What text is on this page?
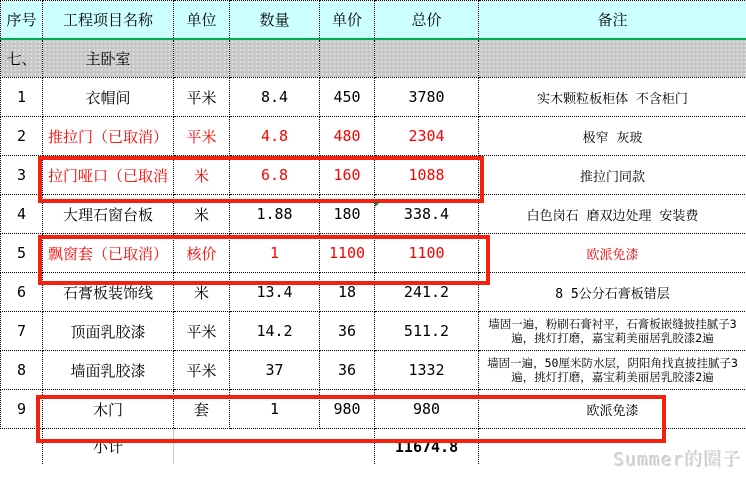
序号	工程项目名称	单位	数量	单价	总价	备注
七、	主卧室					
1	衣帽间	平米	8.4	450	3780	实木颗粒板柜体 不含柜门
2	推拉门（已取消）	平米	4.8	480	2304	极窄 灰玻
3	拉门哑口（已取消	米	6.8	160	1088	推拉门同款
4	大理石窗台板	米	1.88	180	338.4	白色岗石 磨双边处理 安装费
5	飘窗套（已取消）	核价	1	1100	1100	欧派免漆
6	石膏板装饰线	米	13.4	18	241.2	8 5公分石膏板错层
7	顶面乳胶漆	平米	14.2	36	511.2	墙固一遍，粉刷石膏衬平，石膏板嵌缝披挂腻子3遍，挑灯打磨，嘉宝莉美丽居乳胶漆2遍
8	墙面乳胶漆	平米	37	36	1332	墙固一遍，50厘米防水层，阴阳角找直披挂腻子3遍，挑灯打磨，嘉宝莉美丽居乳胶漆2遍
9	木门	套	1	980	980	欧派免漆
	小计				11674.8	
Summer的圈子
